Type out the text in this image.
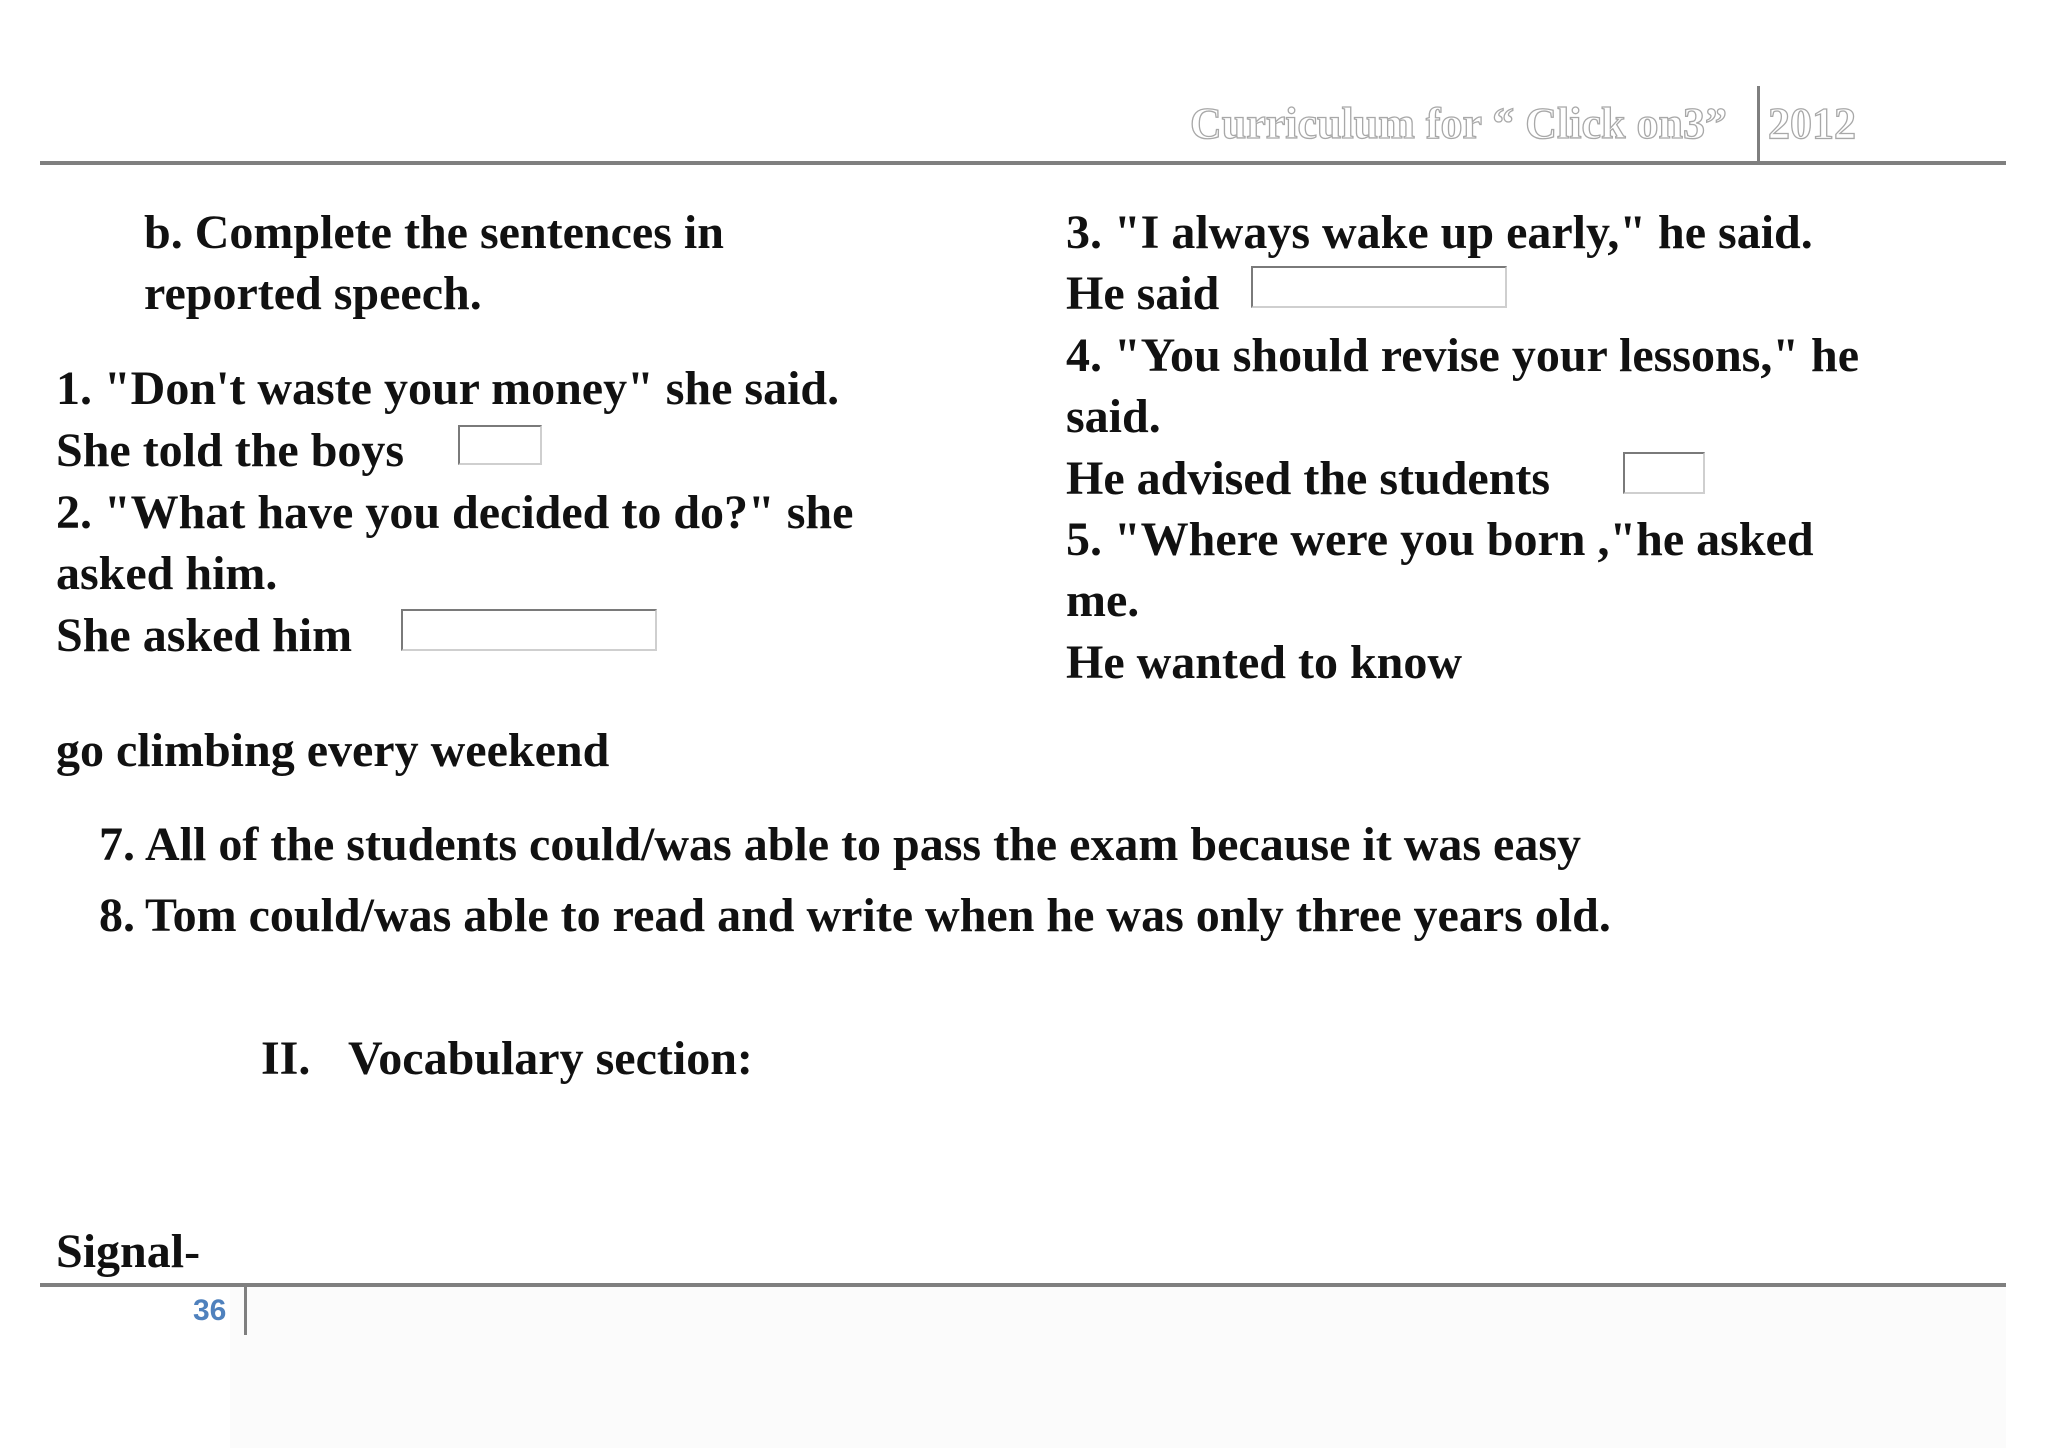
Curriculum for “ Click on3” 2012
b. Complete the sentences in
reported speech.
1. "Don't waste your money" she said.
She told the boys
2. "What have you decided to do?" she
asked him.
She asked him
3. "I always wake up early," he said.
He said
4. "You should revise your lessons," he
said.
He advised the students
5. "Where were you born ,"he asked
me.
He wanted to know
go climbing every weekend
7. All of the students could/was able to pass the exam because it was easy
8. Tom could/was able to read and write when he was only three years old.
II. Vocabulary section:
Signal-
36
